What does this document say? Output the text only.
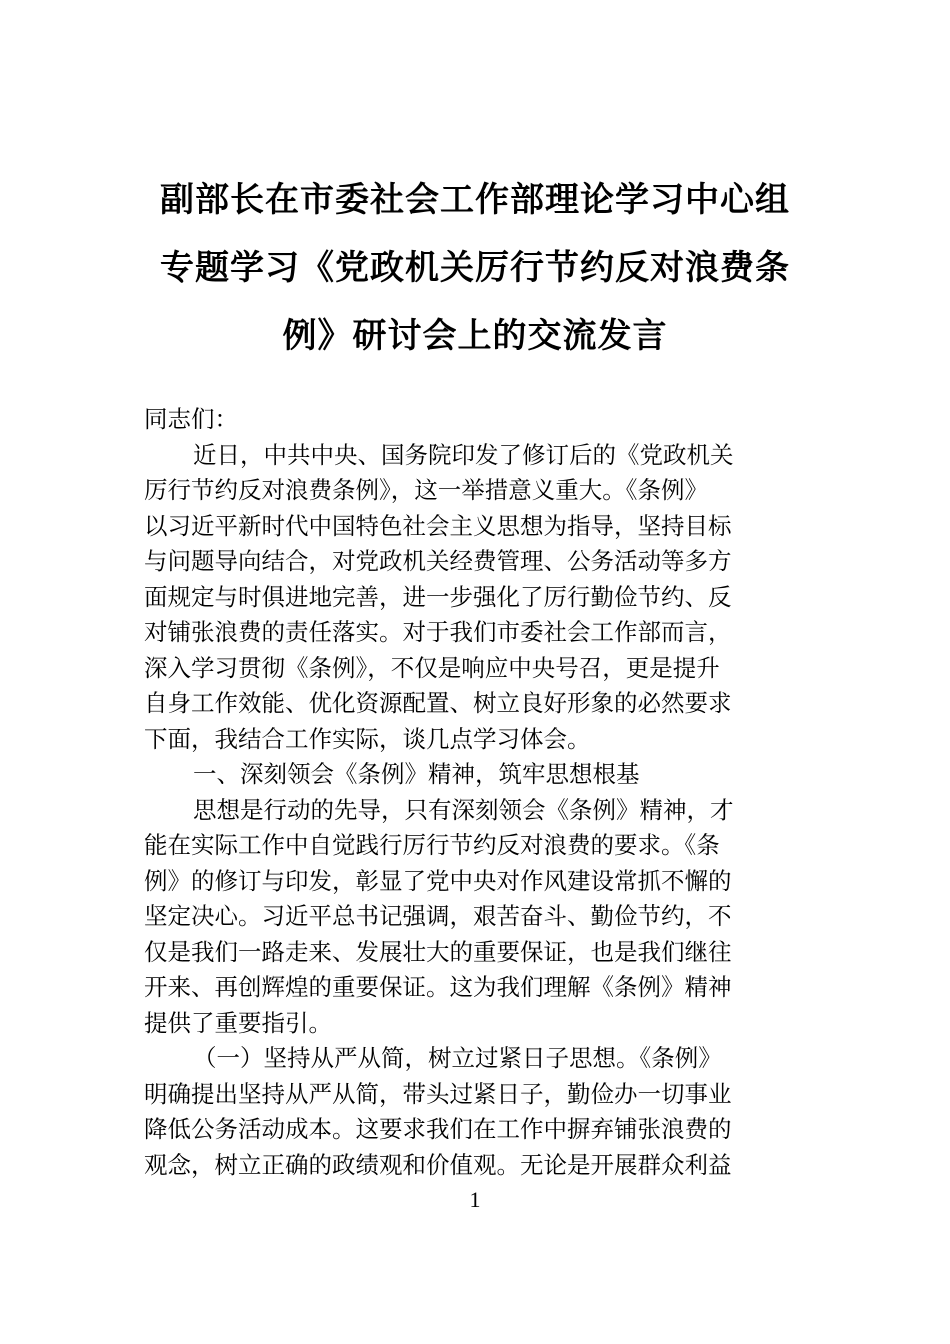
副部长在市委社会工作部理论学习中心组
专题学习《党政机关厉行节约反对浪费条
例》研讨会上的交流发言
同志们：
近日，中共中央、国务院印发了修订后的《党政机关
厉行节约反对浪费条例》，这一举措意义重大。《条例》
以习近平新时代中国特色社会主义思想为指导，坚持目标
与问题导向结合，对党政机关经费管理、公务活动等多方
面规定与时俱进地完善，进一步强化了厉行勤俭节约、反
对铺张浪费的责任落实。对于我们市委社会工作部而言，
深入学习贯彻《条例》，不仅是响应中央号召，更是提升
自身工作效能、优化资源配置、树立良好形象的必然要求
下面，我结合工作实际，谈几点学习体会。
一、深刻领会《条例》精神，筑牢思想根基
思想是行动的先导，只有深刻领会《条例》精神，才
能在实际工作中自觉践行厉行节约反对浪费的要求。《条
例》的修订与印发，彰显了党中央对作风建设常抓不懈的
坚定决心。习近平总书记强调，艰苦奋斗、勤俭节约，不
仅是我们一路走来、发展壮大的重要保证，也是我们继往
开来、再创辉煌的重要保证。这为我们理解《条例》精神
提供了重要指引。
（一）坚持从严从简，树立过紧日子思想。《条例》
明确提出坚持从严从简，带头过紧日子，勤俭办一切事业
降低公务活动成本。这要求我们在工作中摒弃铺张浪费的
观念，树立正确的政绩观和价值观。无论是开展群众利益
1
